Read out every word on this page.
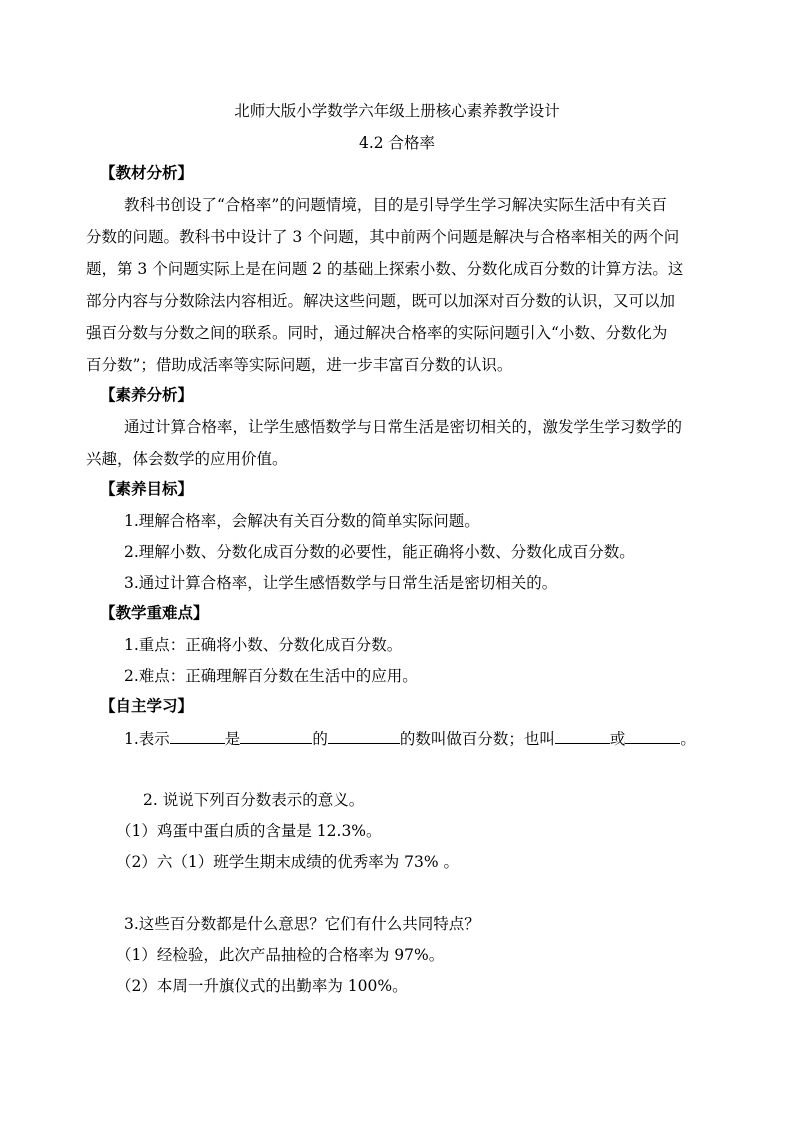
北师大版小学数学六年级上册核心素养教学设计
4.2 合格率
【教材分析】
教科书创设了“合格率”的问题情境，目的是引导学生学习解决实际生活中有关百
分数的问题。教科书中设计了 3 个问题，其中前两个问题是解决与合格率相关的两个问
题，第 3 个问题实际上是在问题 2 的基础上探索小数、分数化成百分数的计算方法。这
部分内容与分数除法内容相近。解决这些问题，既可以加深对百分数的认识，又可以加
强百分数与分数之间的联系。同时，通过解决合格率的实际问题引入“小数、分数化为
百分数”；借助成活率等实际问题，进一步丰富百分数的认识。
【素养分析】
通过计算合格率，让学生感悟数学与日常生活是密切相关的，激发学生学习数学的
兴趣，体会数学的应用价值。
【素养目标】
1.理解合格率，会解决有关百分数的简单实际问题。
2.理解小数、分数化成百分数的必要性，能正确将小数、分数化成百分数。
3.通过计算合格率，让学生感悟数学与日常生活是密切相关的。
【教学重难点】
1.重点：正确将小数、分数化成百分数。
2.难点：正确理解百分数在生活中的应用。
【自主学习】
1.表示	是	的	的数叫做百分数；也叫	或	。
2. 说说下列百分数表示的意义。
（1）鸡蛋中蛋白质的含量是 12.3%。
（2）六（1）班学生期末成绩的优秀率为 73% 。
3.这些百分数都是什么意思？它们有什么共同特点？
（1）经检验，此次产品抽检的合格率为 97%。
（2）本周一升旗仪式的出勤率为 100%。
